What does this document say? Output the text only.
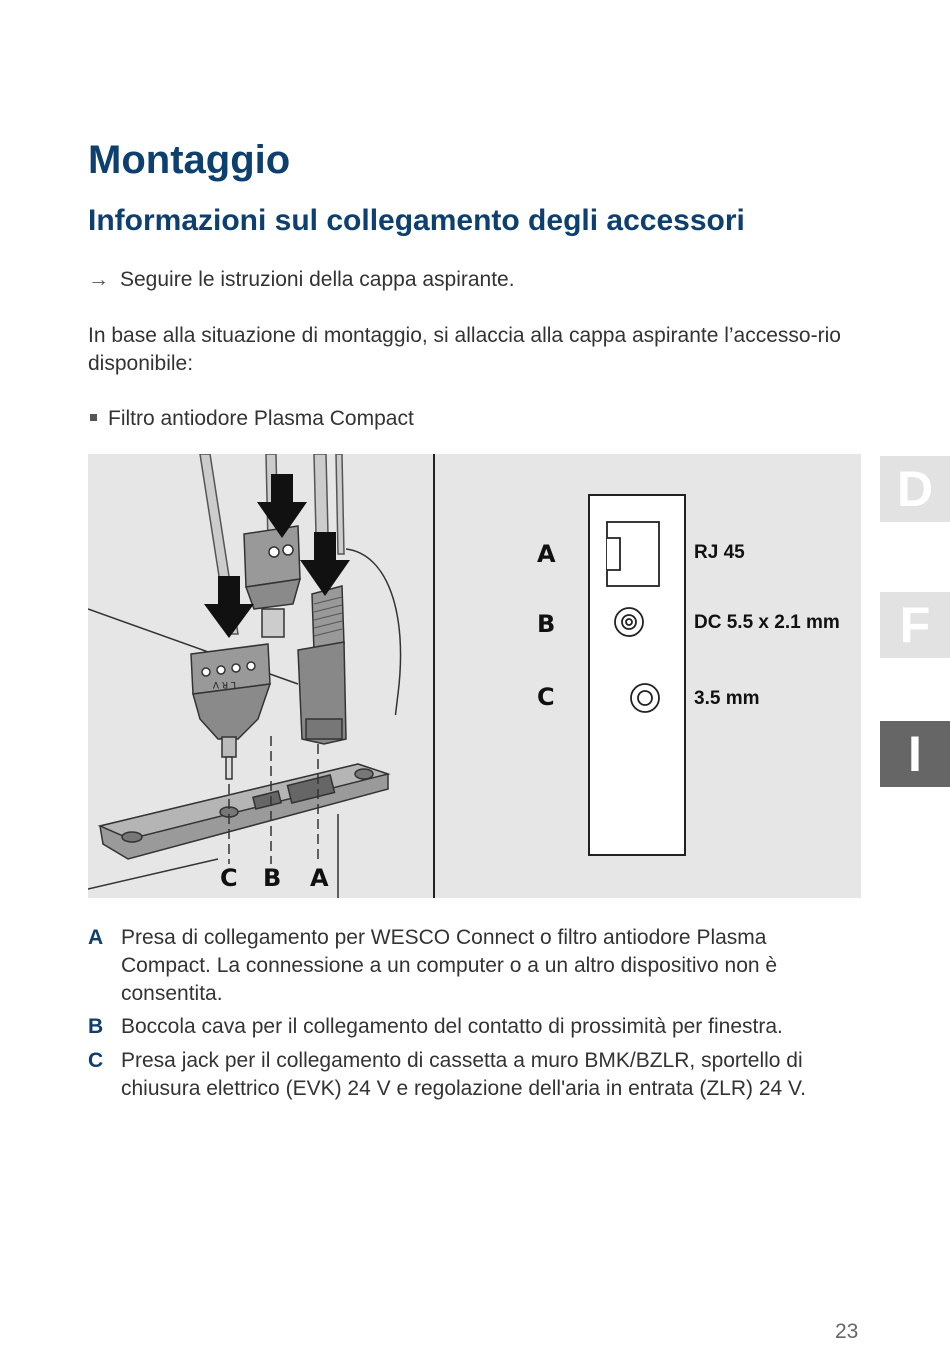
Montaggio
Informazioni sul collegamento degli accessori
→ Seguire le istruzioni della cappa aspirante.
In base alla situazione di montaggio, si allaccia alla cappa aspirante l’accesso-rio disponibile:
Filtro antiodore Plasma Compact
L R V
C B A
A
B
C
RJ 45
DC 5.5 x 2.1 mm
3.5 mm
D
F
I
A Presa di collegamento per WESCO Connect o filtro antiodore Plasma Compact. La connessione a un computer o a un altro dispositivo non è consentita.
B Boccola cava per il collegamento del contatto di prossimità per finestra.
C Presa jack per il collegamento di cassetta a muro BMK/BZLR, sportello di chiusura elettrico (EVK) 24 V e regolazione dell'aria in entrata (ZLR) 24 V.
23
